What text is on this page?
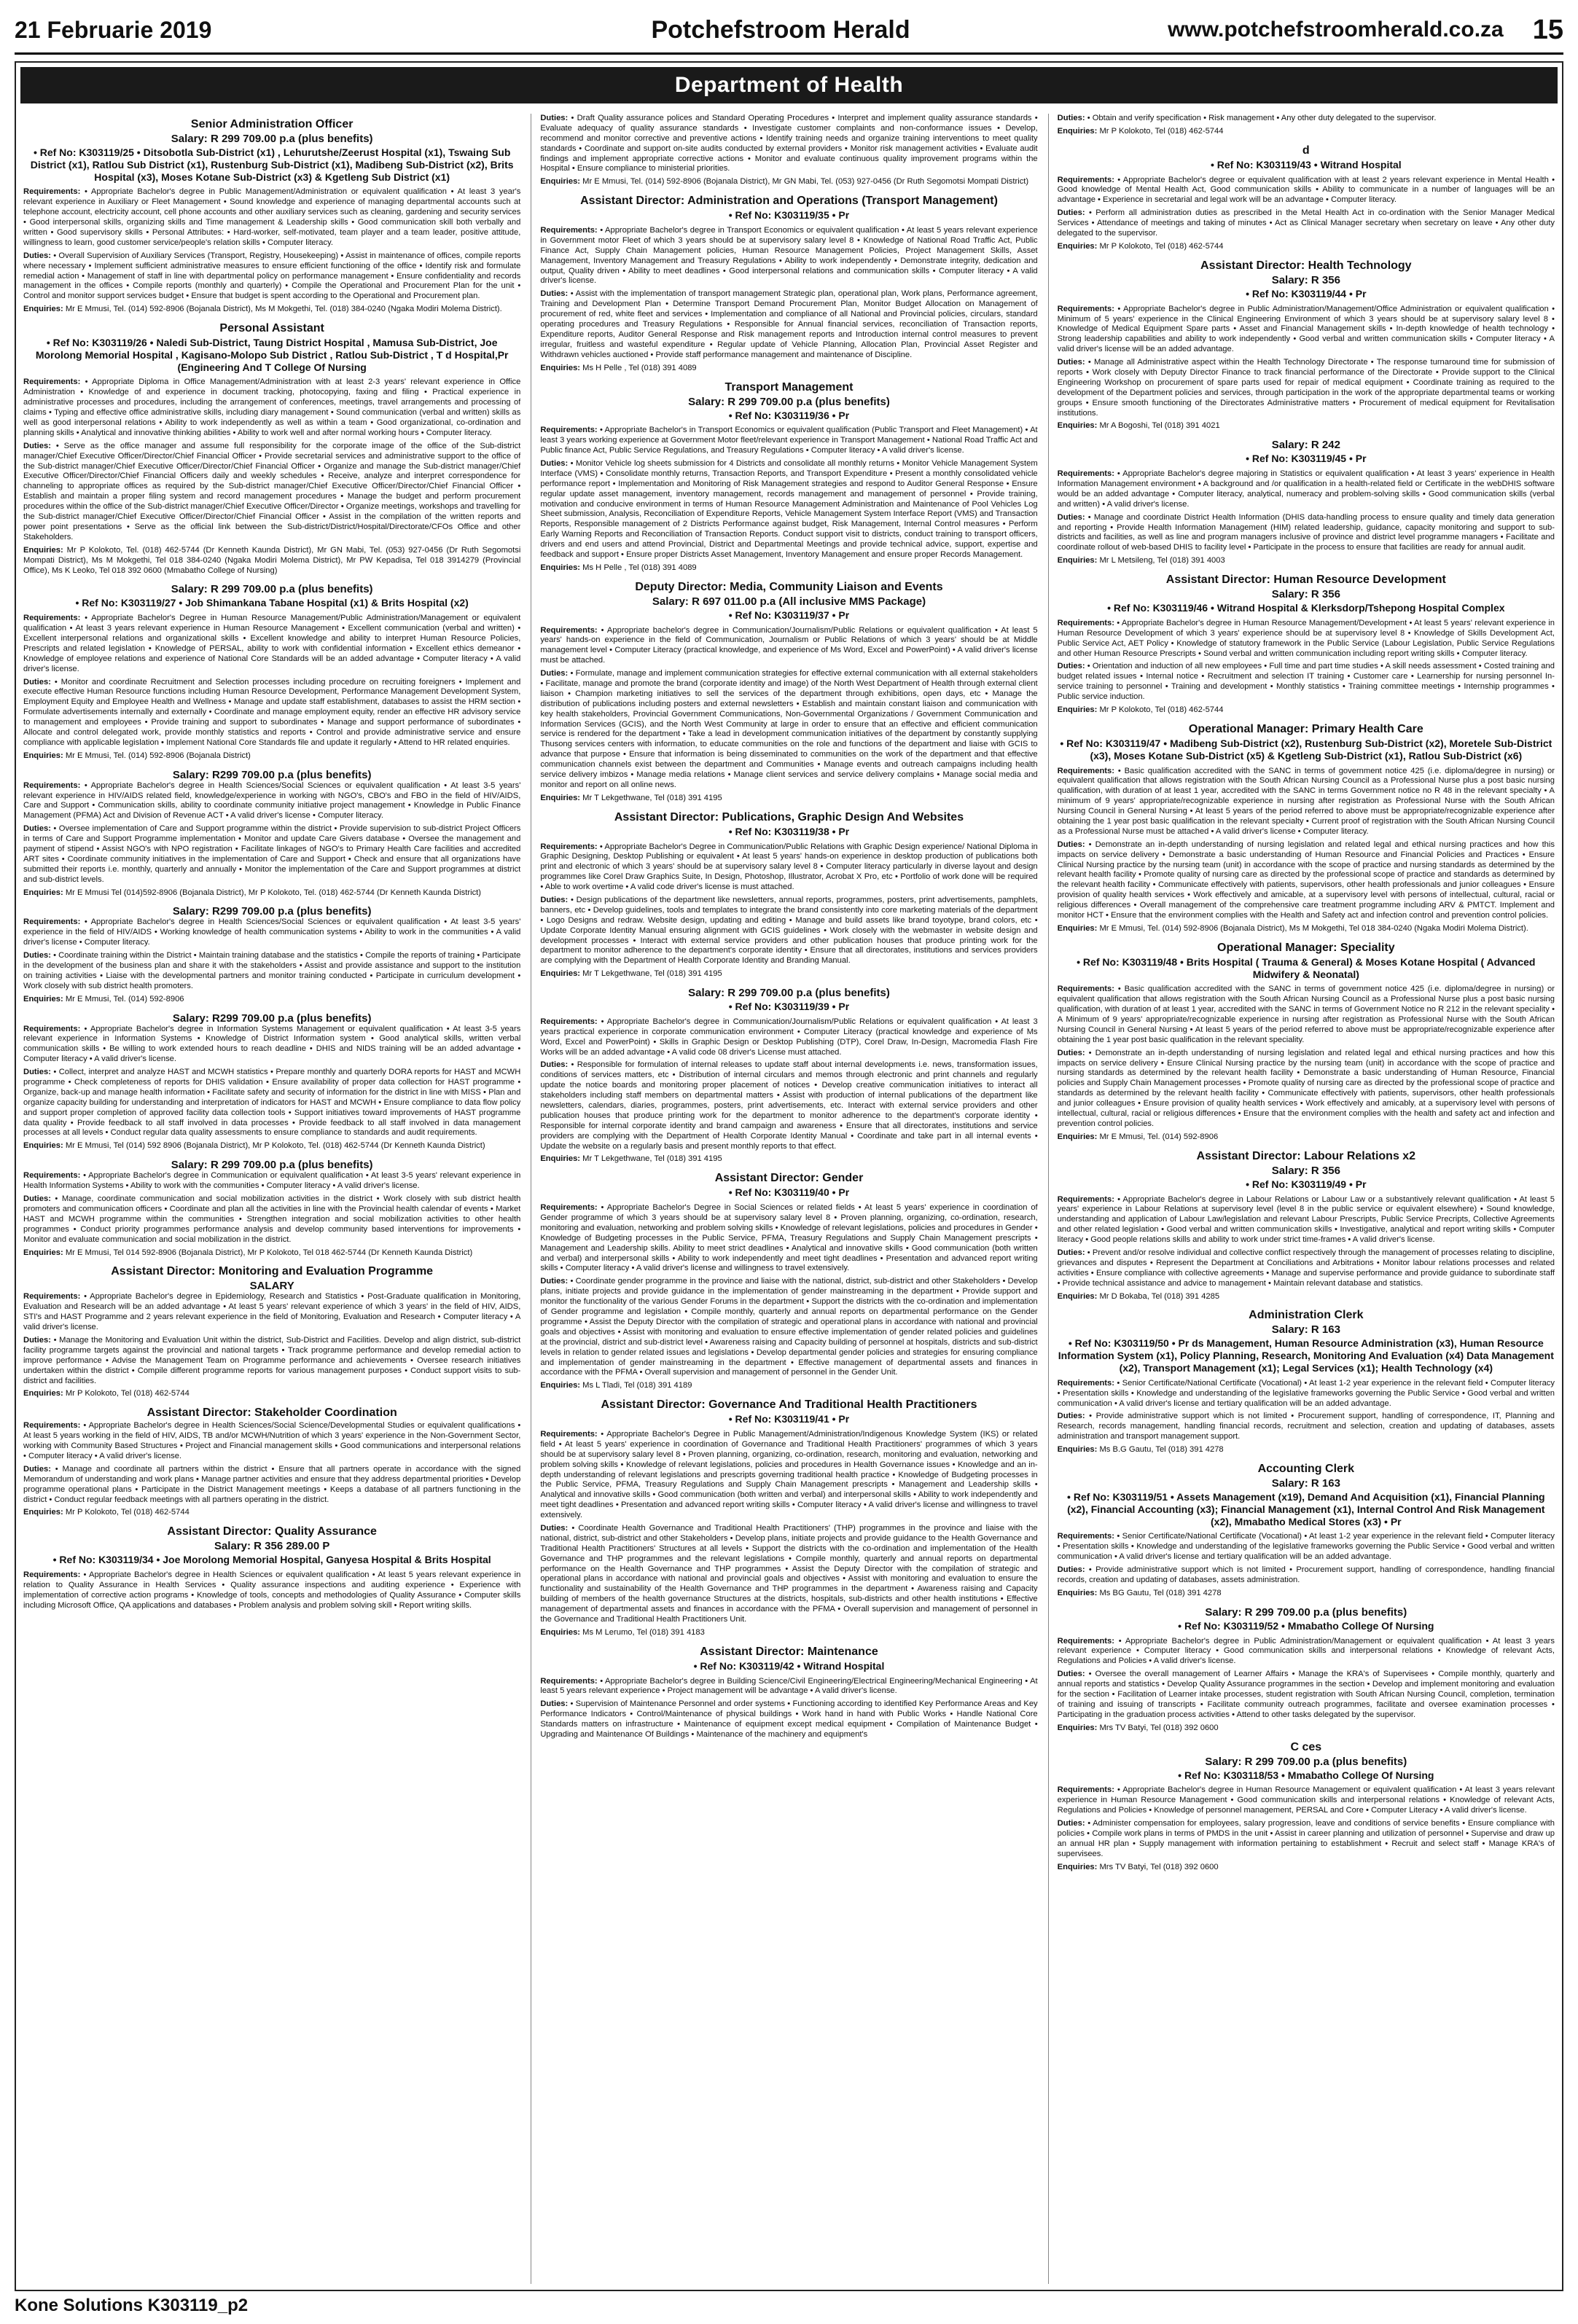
21 Februarie 2019	Potchefstroom Herald	www.potchefstroomherald.co.za 15
Department of Health
Senior Administration Officer

Salary: R 299 709.00 p.a (plus benefits)

• Ref No: K303119/25 • Ditsobotla Sub-District (x1) , Lehurutshe/Zeerust Hospital (x1), Tswaing Sub District (x1), Ratlou Sub District (x1), Rustenburg Sub-District (x1), Madibeng Sub-District (x2), Brits Hospital (x3), Moses Kotane Sub-District (x3) & Kgetleng Sub District (x1)

Requirements: • Appropriate Bachelor's degree in Public Management/Administration or equivalent qualification • At least 3 year's relevant experience in Auxiliary or Fleet Management • Sound knowledge and experience of managing departmental accounts such at telephone account, electricity account, cell phone accounts and other auxiliary services such as cleaning, gardening and security services • Good interpersonal skills, organizing skills and Time management & Leadership skills • Good communication skill both verbally and written • Good supervisory skills • Personal Attributes: • Hard-worker, self-motivated, team player and a team leader, positive attitude, willingness to learn, good customer service/people's relation skills • Computer literacy.

Duties: • Overall Supervision of Auxiliary Services (Transport, Registry, Housekeeping) • Assist in maintenance of offices, compile reports where necessary • Implement sufficient administrative measures to ensure efficient functioning of the office • Identify risk and formulate remedial action • Management of staff in line with departmental policy on performance management • Ensure confidentiality and records management in the offices • Compile reports (monthly and quarterly) • Compile the Operational and Procurement Plan for the unit • Control and monitor support services budget • Ensure that budget is spent according to the Operational and Procurement plan.

Enquiries: Mr E Mmusi, Tel. (014) 592-8906 (Bojanala District), Ms M Mokgethi, Tel. (018) 384-0240 (Ngaka Modiri Molema District).

Personal Assistant

• Ref No: K303119/26 • Naledi Sub-District, Taung District Hospital , Mamusa Sub-District, Joe Morolong Memorial Hospital , Kagisano-Molopo Sub District , Ratlou Sub-District , T d Hospital,Pr (Engineering And T College Of Nursing

Requirements: • Appropriate Diploma in Office Management/Administration with at least 2-3 years' relevant experience in Office Administration • Knowledge of and experience in document tracking, photocopying, faxing and filing • Practical experience in administrative processes and procedures, including the arrangement of conferences, meetings, travel arrangements and processing of claims • Typing and effective office administrative skills, including diary management • Sound communication (verbal and written) skills as well as good interpersonal relations • Ability to work independently as well as within a team • Good organizational, co-ordination and planning skills • Analytical and innovative thinking abilities • Ability to work well and after normal working hours • Computer literacy.

Duties: • Serve as the office manager and assume full responsibility for the corporate image of the office of the Sub-district manager/Chief Executive Officer/Director/Chief Financial Officer • Provide secretarial services and administrative support to the office of the Sub-district manager/Chief Executive Officer/Director/Chief Financial Officer • Organize and manage the Sub-district manager/Chief Executive Officer/Director/Chief Financial Officers daily and weekly schedules • Receive, analyze and interpret correspondence for channeling to appropriate offices as required by the Sub-district manager/Chief Executive Officer/Director/Chief Financial Officer • Establish and maintain a proper filing system and record management procedures • Manage the budget and perform procurement procedures within the office of the Sub-district manager/Chief Executive Officer/Director • Organize meetings, workshops and travelling for the Sub-district manager/Chief Executive Officer/Director/Chief Financial Officer • Assist in the compilation of the written reports and power point presentations • Serve as the official link between the Sub-district/District/Hospital/Directorate/CFOs Office and other Stakeholders.

Enquiries: Mr P Kolokoto, Tel. (018) 462-5744 (Dr Kenneth Kaunda District), Mr GN Mabi, Tel. (053) 927-0456 (Dr Ruth Segomotsi Mompati District), Ms M Mokgethi, Tel 018 384-0240 (Ngaka Modiri Molema District), Mr PW Kepadisa, Tel 018 3914279 (Provincial Office), Ms K Leoko, Tel 018 392 0600 (Mmabatho College of Nursing)

Salary: R 299 709.00 p.a (plus benefits)

• Ref No: K303119/27 • Job Shimankana Tabane Hospital (x1) & Brits Hospital (x2)

Requirements: • Appropriate Bachelor's Degree in Human Resource Management/Public Administration/Management or equivalent qualification • At least 3 years relevant experience in Human Resource Management • Excellent communication (verbal and written) • Excellent interpersonal relations and organizational skills • Excellent knowledge and ability to interpret Human Resource Policies, Prescripts and related legislation • Knowledge of PERSAL, ability to work with confidential information • Excellent ethics demeanor • Knowledge of employee relations and experience of National Core Standards will be an added advantage • Computer literacy • A valid driver's license.

Duties: • Monitor and coordinate Recruitment and Selection processes including procedure on recruiting foreigners • Implement and execute effective Human Resource functions including Human Resource Development, Performance Management Development System, Employment Equity and Employee Health and Wellness • Manage and update staff establishment, databases to assist the HRM section • Formulate advertisements internally and externally • Coordinate and manage employment equity, render an effective HR advisory service to management and employees • Provide training and support to subordinates • Manage and support performance of subordinates • Allocate and control delegated work, provide monthly statistics and reports • Control and provide administrative service and ensure compliance with applicable legislation • Implement National Core Standards file and update it regularly • Attend to HR related enquiries.

Enquiries: Mr E Mmusi, Tel. (014) 592-8906 (Bojanala District)

Salary: R299 709.00 p.a (plus benefits)

Requirements: • Appropriate Bachelor's degree in Health Sciences/Social Sciences or equivalent qualification • At least 3-5 years' relevant experience in HIV/AIDS related field, knowledge/experience in working with NGO's, CBO's and FBO in the field of HIV/AIDS, Care and Support • Communication skills, ability to coordinate community initiative project management • Knowledge in Public Finance Management (PFMA) Act and Division of Revenue ACT • A valid driver's license • Computer literacy.

Duties: • Oversee implementation of Care and Support programme within the district • Provide supervision to sub-district Project Officers in terms of Care and Support Programme implementation • Monitor and update Care Givers database • Oversee the management and payment of stipend • Assist NGO's with NPO registration • Facilitate linkages of NGO's to Primary Health Care facilities and accredited ART sites • Coordinate community initiatives in the implementation of Care and Support • Check and ensure that all organizations have submitted their reports i.e. monthly, quarterly and annually • Monitor the implementation of the Care and Support programmes at district and sub-district levels.

Enquiries: Mr E Mmusi Tel (014)592-8906 (Bojanala District), Mr P Kolokoto, Tel. (018) 462-5744 (Dr Kenneth Kaunda District)

Salary: R299 709.00 p.a (plus benefits)

Requirements: • Appropriate Bachelor's degree in Health Sciences/Social Sciences or equivalent qualification • At least 3-5 years' experience in the field of HIV/AIDS • Working knowledge of health communication systems • Ability to work in the communities • A valid driver's license • Computer literacy.

Duties: • Coordinate training within the District • Maintain training database and the statistics • Compile the reports of training • Participate in the development of the business plan and share it with the stakeholders • Assist and provide assistance and support to the institution on training activities • Liaise with the developmental partners and monitor training conducted • Participate in curriculum development • Work closely with sub district health promoters.

Enquiries: Mr E Mmusi, Tel. (014) 592-8906

Salary: R299 709.00 p.a (plus benefits)

Requirements: • Appropriate Bachelor's degree in Information Systems Management or equivalent qualification • At least 3-5 years relevant experience in Information Systems • Knowledge of District Information system • Good analytical skills, written verbal communication skills • Be willing to work extended hours to reach deadline • DHIS and NIDS training will be an added advantage • Computer literacy • A valid driver's license.

Duties: • Collect, interpret and analyze HAST and MCWH statistics • Prepare monthly and quarterly DORA reports for HAST and MCWH programme • Check completeness of reports for DHIS validation • Ensure availability of proper data collection for HAST programme • Organize, back-up and manage health information • Facilitate safety and security of information for the district in line with MISS • Plan and organize capacity building for understanding and interpretation of indicators for HAST and MCWH • Ensure compliance to data flow policy and support proper completion of approved facility data collection tools • Support initiatives toward improvements of HAST programme data quality • Provide feedback to all staff involved in data processes • Provide feedback to all staff involved in data management processes at all levels • Conduct regular data quality assessments to ensure compliance to standards and audit requirements.

Enquiries: Mr E Mmusi, Tel (014) 592 8906 (Bojanala District), Mr P Kolokoto, Tel. (018) 462-5744 (Dr Kenneth Kaunda District)

Salary: R 299 709.00 p.a (plus benefits)

Requirements: • Appropriate Bachelor's degree in Communication or equivalent qualification • At least 3-5 years' relevant experience in Health Information Systems • Ability to work with the communities • Computer literacy • A valid driver's license.

Duties: • Manage, coordinate communication and social mobilization activities in the district • Work closely with sub district health promoters and communication officers • Coordinate and plan all the activities in line with the Provincial health calendar of events • Market HAST and MCWH programme within the communities • Strengthen integration and social mobilization activities to other health programmes • Conduct priority programmes performance analysis and develop community based interventions for improvements • Monitor and evaluate communication and social mobilization in the district.

Enquiries: Mr E Mmusi, Tel 014 592-8906 (Bojanala District), Mr P Kolokoto, Tel 018 462-5744 (Dr Kenneth Kaunda District)

Assistant Director: Monitoring and Evaluation Programme

SALARY

Requirements: • Appropriate Bachelor's degree in Epidemiology, Research and Statistics • Post-Graduate qualification in Monitoring, Evaluation and Research will be an added advantage • At least 5 years' relevant experience of which 3 years' in the field of HIV, AIDS, STI's and HAST Programme and 2 years relevant experience in the field of Monitoring, Evaluation and Research • Computer literacy • A valid driver's license.

Duties: • Manage the Monitoring and Evaluation Unit within the district, Sub-District and Facilities. Develop and align district, sub-district facility programme targets against the provincial and national targets • Track programme performance and develop remedial action to improve performance • Advise the Management Team on Programme performance and achievements • Oversee research initiatives undertaken within the district • Compile different programme reports for various management purposes • Conduct support visits to sub-district and facilities.

Enquiries: Mr P Kolokoto, Tel (018) 462-5744

Assistant Director: Stakeholder Coordination

Requirements: • Appropriate Bachelor's degree in Health Sciences/Social Science/Developmental Studies or equivalent qualifications • At least 5 years working in the field of HIV, AIDS, TB and/or MCWH/Nutrition of which 3 years' experience in the Non-Government Sector, working with Community Based Structures • Project and Financial management skills • Good communications and interpersonal relations • Computer literacy • A valid driver's license.

Duties: • Manage and coordinate all partners within the district • Ensure that all partners operate in accordance with the signed Memorandum of understanding and work plans • Manage partner activities and ensure that they address departmental priorities • Develop programme operational plans • Participate in the District Management meetings • Keeps a database of all partners functioning in the district • Conduct regular feedback meetings with all partners operating in the district.

Enquiries: Mr P Kolokoto, Tel (018) 462-5744

Assistant Director: Quality Assurance

Salary: R 356 289.00 P

• Ref No: K303119/34 • Joe Morolong Memorial Hospital, Ganyesa Hospital & Brits Hospital

Requirements: • Appropriate Bachelor's degree in Health Sciences or equivalent qualification • At least 5 years relevant experience in relation to Quality Assurance in Health Services • Quality assurance inspections and auditing experience • Experience with implementation of corrective action programs • Knowledge of tools, concepts and methodologies of Quality Assurance • Computer skills including Microsoft Office, QA applications and databases • Problem analysis and problem solving skill • Report writing skills.

Duties: • Draft Quality assurance polices and Standard Operating Procedures • Interpret and implement quality assurance standards • Evaluate adequacy of quality assurance standards • Investigate customer complaints and non-conformance issues • Develop, recommend and monitor corrective and preventive actions • Identify training needs and organize training interventions to meet quality standards • Coordinate and support on-site audits conducted by external providers • Monitor risk management activities • Evaluate audit findings and implement appropriate corrective actions • Monitor and evaluate continuous quality improvement programs within the Hospital • Ensure compliance to ministerial priorities.

Enquiries: Mr E Mmusi, Tel. (014) 592-8906 (Bojanala District), Mr GN Mabi, Tel. (053) 927-0456 (Dr Ruth Segomotsi Mompati District)

Assistant Director: Administration and Operations (Transport Management)

• Ref No: K303119/35 • Pr

Requirements: • Appropriate Bachelor's degree in Transport Economics or equivalent qualification • At least 5 years relevant experience in Government motor Fleet of which 3 years should be at supervisory salary level 8 • Knowledge of National Road Traffic Act, Public Finance Act, Supply Chain Management policies, Human Resource Management Policies, Project Management Skills, Asset Management, Inventory Management and Treasury Regulations • Ability to work independently • Demonstrate integrity, dedication and output, Quality driven • Ability to meet deadlines • Good interpersonal relations and communication skills • Computer literacy • A valid driver's license.

Duties: • Assist with the implementation of transport management Strategic plan, operational plan, Work plans, Performance agreement, Training and Development Plan • Determine Transport Demand Procurement Plan, Monitor Budget Allocation on Management of procurement of red, white fleet and services • Implementation and compliance of all National and Provincial policies, circulars, standard operating procedures and Treasury Regulations • Responsible for Annual financial services, reconciliation of Transaction reports, Expenditure reports, Auditor General Response and Risk management reports and Introduction internal control measures to prevent irregular, fruitless and wasteful expenditure • Regular update of Vehicle Planning, Allocation Plan, Provincial Asset Register and Withdrawn vehicles auctioned • Provide staff performance management and maintenance of Discipline.

Enquiries: Ms H Pelle , Tel (018) 391 4089

Transport Management

Salary: R 299 709.00 p.a (plus benefits)

• Ref No: K303119/36 • Pr

Requirements: • Appropriate Bachelor's in Transport Economics or equivalent qualification (Public Transport and Fleet Management) • At least 3 years working experience at Government Motor fleet/relevant experience in Transport Management • National Road Traffic Act and Public finance Act, Public Service Regulations, and Treasury Regulations • Computer literacy • A valid driver's license.

Duties: • Monitor Vehicle log sheets submission for 4 Districts and consolidate all monthly returns • Monitor Vehicle Management System Interface (VMS) • Consolidate monthly returns, Transaction Reports, and Transport Expenditure • Present a monthly consolidated vehicle performance report • Implementation and Monitoring of Risk Management strategies and respond to Auditor General Response • Ensure regular update asset management, inventory management, records management and management of personnel • Provide training, motivation and conducive environment in terms of Human Resource Management Administration and Maintenance of Pool Vehicles Log Sheet submission, Analysis, Reconciliation of Expenditure Reports, Vehicle Management System Interface Report (VMS) and Transaction Reports, Responsible management of 2 Districts Performance against budget, Risk Management, Internal Control measures • Perform Early Warning Reports and Reconciliation of Transaction Reports. Conduct support visit to districts, conduct training to transport officers, drivers and end users and attend Provincial, District and Departmental Meetings and provide technical advice, support, expertise and feedback and support • Ensure proper Districts Asset Management, Inventory Management and ensure proper Records Management.

Enquiries: Ms H Pelle , Tel (018) 391 4089

Deputy Director: Media, Community Liaison and Events

Salary: R 697 011.00 p.a (All inclusive MMS Package)

• Ref No: K303119/37 • Pr

Requirements: • Appropriate bachelor's degree in Communication/Journalism/Public Relations or equivalent qualification • At least 5 years' hands-on experience in the field of Communication, Journalism or Public Relations of which 3 years' should be at Middle management level • Computer Literacy (practical knowledge, and experience of Ms Word, Excel and PowerPoint) • A valid driver's license must be attached.

Duties: • Formulate, manage and implement communication strategies for effective external communication with all external stakeholders • Facilitate, manage and promote the brand (corporate identity and image) of the North West Department of Health through external client liaison • Champion marketing initiatives to sell the services of the department through exhibitions, open days, etc • Manage the distribution of publications including posters and external newsletters • Establish and maintain constant liaison and communication with key health stakeholders, Provincial Government Communications, Non-Governmental Organizations / Government Communication and Information Services (GCIS), and the North West Community at large in order to ensure that an effective and efficient communication service is rendered for the department • Take a lead in development communication initiatives of the department by constantly supplying Thusong services centers with information, to educate communities on the role and functions of the department and liaise with GCIS to advance that purpose • Ensure that information is being disseminated to communities on the work of the department and that effective communication channels exist between the department and Communities • Manage events and outreach campaigns including health service delivery imbizos • Manage media relations • Manage client services and service delivery complains • Manage social media and monitor and report on all online news.

Enquiries: Mr T Lekgethwane, Tel (018) 391 4195

Assistant Director: Publications, Graphic Design And Websites

• Ref No: K303119/38 • Pr

Requirements: • Appropriate Bachelor's Degree in Communication/Public Relations with Graphic Design experience/ National Diploma in Graphic Designing, Desktop Publishing or equivalent • At least 5 years' hands-on experience in desktop production of publications both print and electronic of which 3 years' should be at supervisory salary level 8 • Computer literacy particularly in diverse layout and design programmes like Corel Draw Graphics Suite, In Design, Photoshop, Illustrator, Acrobat X Pro, etc • Portfolio of work done will be required • Able to work overtime • A valid code driver's license is must attached.

Duties: • Design publications of the department like newsletters, annual reports, programmes, posters, print advertisements, pamphlets, banners, etc • Develop guidelines, tools and templates to integrate the brand consistently into core marketing materials of the department • Logo Designs and redraw. Website design, updating and editing • Manage and build assets like brand toyotype, brand colors, etc • Update Corporate Identity Manual ensuring alignment with GCIS guidelines • Work closely with the webmaster in website design and development processes • Interact with external service providers and other publication houses that produce printing work for the department to monitor adherence to the department's corporate identity • Ensure that all directorates, institutions and services providers are complying with the Department of Health Corporate Identity and Branding Manual.

Enquiries: Mr T Lekgethwane, Tel (018) 391 4195

Salary: R 299 709.00 p.a (plus benefits)

• Ref No: K303119/39 • Pr

Requirements: • Appropriate Bachelor's degree in Communication/Journalism/Public Relations or equivalent qualification • At least 3 years practical experience in corporate communication environment • Computer Literacy (practical knowledge and experience of Ms Word, Excel and PowerPoint) • Skills in Graphic Design or Desktop Publishing (DTP), Corel Draw, In-Design, Macromedia Flash Fire Works will be an added advantage • A valid code 08 driver's License must attached.

Duties: • Responsible for formulation of internal releases to update staff about internal developments i.e. news, transformation issues, conditions of services matters, etc • Distribution of internal circulars and memos through electronic and print channels and regularly update the notice boards and monitoring proper placement of notices • Develop creative communication initiatives to interact all stakeholders including staff members on departmental matters • Assist with production of internal publications of the department like newsletters, calendars, diaries, programmes, posters, print advertisements, etc. Interact with external service providers and other publication houses that produce printing work for the department to monitor adherence to the department's corporate identity • Responsible for internal corporate identity and brand campaign and awareness • Ensure that all directorates, institutions and service providers are complying with the Department of Health Corporate Identity Manual • Coordinate and take part in all internal events • Update the website on a regularly basis and present monthly reports to that effect.

Enquiries: Mr T Lekgethwane, Tel (018) 391 4195

Assistant Director: Gender

• Ref No: K303119/40 • Pr

Requirements: • Appropriate Bachelor's Degree in Social Sciences or related fields • At least 5 years' experience in coordination of Gender programme of which 3 years should be at supervisory salary level 8 • Proven planning, organizing, co-ordination, research, monitoring and evaluation, networking and problem solving skills • Knowledge of relevant legislations, policies and procedures in Gender • Knowledge of Budgeting processes in the Public Service, PFMA, Treasury Regulations and Supply Chain Management prescripts • Management and Leadership skills. Ability to meet strict deadlines • Analytical and innovative skills • Good communication (both written and verbal) and interpersonal skills • Ability to work independently and meet tight deadlines • Presentation and advanced report writing skills • Computer literacy • A valid driver's license and willingness to travel extensively.

Duties: • Coordinate gender programme in the province and liaise with the national, district, sub-district and other Stakeholders • Develop plans, initiate projects and provide guidance in the implementation of gender mainstreaming in the department • Provide support and monitor the functionality of the various Gender Forums in the department • Support the districts with the co-ordination and implementation of Gender programme and legislation • Compile monthly, quarterly and annual reports on departmental performance on the Gender programme • Assist the Deputy Director with the compilation of strategic and operational plans in accordance with national and provincial goals and objectives • Assist with monitoring and evaluation to ensure effective implementation of gender related policies and guidelines at the provincial, district and sub-district level • Awareness raising and Capacity building of personnel at hospitals, districts and sub-district levels in relation to gender related issues and legislations • Develop departmental gender policies and strategies for ensuring compliance and implementation of gender mainstreaming in the department • Effective management of departmental assets and finances in accordance with the PFMA • Overall supervision and management of personnel in the Gender Unit.

Enquiries: Ms L Tladi, Tel (018) 391 4189

Assistant Director: Governance And Traditional Health Practitioners

• Ref No: K303119/41 • Pr

Requirements: • Appropriate Bachelor's Degree in Public Management/Administration/Indigenous Knowledge System (IKS) or related field • At least 5 years' experience in coordination of Governance and Traditional Health Practitioners' programmes of which 3 years should be at supervisory salary level 8 • Proven planning, organizing, co-ordination, research, monitoring and evaluation, networking and problem solving skills • Knowledge of relevant legislations, policies and procedures in Health Governance issues • Knowledge and an in-depth understanding of relevant legislations and prescripts governing traditional health practice • Knowledge of Budgeting processes in the Public Service, PFMA, Treasury Regulations and Supply Chain Management prescripts • Management and Leadership skills • Analytical and innovative skills • Good communication (both written and verbal) and interpersonal skills • Ability to work independently and meet tight deadlines • Presentation and advanced report writing skills • Computer literacy • A valid driver's license and willingness to travel extensively.

Duties: • Coordinate Health Governance and Traditional Health Practitioners' (THP) programmes in the province and liaise with the national, district, sub-district and other Stakeholders • Develop plans, initiate projects and provide guidance to the Health Governance and Traditional Health Practitioners' Structures at all levels • Support the districts with the co-ordination and implementation of the Health Governance and THP programmes and the relevant legislations • Compile monthly, quarterly and annual reports on departmental performance on the Health Governance and THP programmes • Assist the Deputy Director with the compilation of strategic and operational plans in accordance with national and provincial goals and objectives • Assist with monitoring and evaluation to ensure the functionality and sustainability of the Health Governance and THP programmes in the department • Awareness raising and Capacity building of members of the health governance Structures at the districts, hospitals, sub-districts and other health institutions • Effective management of departmental assets and finances in accordance with the PFMA • Overall supervision and management of personnel in the Governance and Traditional Health Practitioners Unit.

Enquiries: Ms M Lerumo, Tel (018) 391 4183

Assistant Director: Maintenance

• Ref No: K303119/42 • Witrand Hospital

Requirements: • Appropriate Bachelor's degree in Building Science/Civil Engineering/Electrical Engineering/Mechanical Engineering • At least 5 years relevant experience • Project management will be advantage • A valid driver's license.

Duties: • Supervision of Maintenance Personnel and order systems • Functioning according to identified Key Performance Areas and Key Performance Indicators • Control/Maintenance of physical buildings • Work hand in hand with Public Works • Handle National Core Standards matters on infrastructure • Maintenance of equipment except medical equipment • Compilation of Maintenance Budget • Upgrading and Maintenance Of Buildings • Maintenance of the machinery and equipment's

Duties: • Obtain and verify specification • Risk management • Any other duty delegated to the supervisor.

Enquiries: Mr P Kolokoto, Tel (018) 462-5744

d

• Ref No: K303119/43 • Witrand Hospital

Requirements: • Appropriate Bachelor's degree or equivalent qualification with at least 2 years relevant experience in Mental Health • Good knowledge of Mental Health Act, Good communication skills • Ability to communicate in a number of languages will be an advantage • Experience in secretarial and legal work will be an advantage • Computer literacy.

Duties: • Perform all administration duties as prescribed in the Metal Health Act in co-ordination with the Senior Manager Medical Services • Attendance of meetings and taking of minutes • Act as Clinical Manager secretary when secretary on leave • Any other duty delegated to the supervisor.

Enquiries: Mr P Kolokoto, Tel (018) 462-5744

Assistant Director: Health Technology

Salary: R 356

• Ref No: K303119/44 • Pr

Requirements: • Appropriate Bachelor's degree in Public Administration/Management/Office Administration or equivalent qualification • Minimum of 5 years' experience in the Clinical Engineering Environment of which 3 years should be at supervisory salary level 8 • Knowledge of Medical Equipment Spare parts • Asset and Financial Management skills • In-depth knowledge of health technology • Strong leadership capabilities and ability to work independently • Good verbal and written communication skills • Computer literacy • A valid driver's license will be an added advantage.

Duties: • Manage all Administrative aspect within the Health Technology Directorate • The response turnaround time for submission of reports • Work closely with Deputy Director Finance to track financial performance of the Directorate • Provide support to the Clinical Engineering Workshop on procurement of spare parts used for repair of medical equipment • Coordinate training as required to the development of the Department policies and services, through participation in the work of the appropriate departmental teams or working groups • Ensure smooth functioning of the Directorates Administrative matters • Procurement of medical equipment for Revitalisation institutions.

Enquiries: Mr A Bogoshi, Tel (018) 391 4021

Salary: R 242

• Ref No: K303119/45 • Pr

Requirements: • Appropriate Bachelor's degree majoring in Statistics or equivalent qualification • At least 3 years' experience in Health Information Management environment • A background and /or qualification in a health-related field or Certificate in the webDHIS software would be an added advantage • Computer literacy, analytical, numeracy and problem-solving skills • Good communication skills (verbal and written) • A valid driver's license.

Duties: • Manage and coordinate District Health Information (DHIS data-handling process to ensure quality and timely data generation and reporting • Provide Health Information Management (HIM) related leadership, guidance, capacity monitoring and support to sub-districts and facilities, as well as line and program managers inclusive of province and district level programme managers • Facilitate and coordinate rollout of web-based DHIS to facility level • Participate in the process to ensure that facilities are ready for annual audit.

Enquiries: Mr L Metsileng, Tel (018) 391 4003

Assistant Director: Human Resource Development

Salary: R 356

• Ref No: K303119/46 • Witrand Hospital & Klerksdorp/Tshepong Hospital Complex

Requirements: • Appropriate Bachelor's degree in Human Resource Management/Development • At least 5 years' relevant experience in Human Resource Development of which 3 years' experience should be at supervisory level 8 • Knowledge of Skills Development Act, Public Service Act, AET Policy • Knowledge of statutory framework in the Public Service (Labour Legislation, Public Service Regulations and other Human Resource Prescripts • Sound verbal and written communication including report writing skills • Computer literacy.

Duties: • Orientation and induction of all new employees • Full time and part time studies • A skill needs assessment • Costed training and budget related issues • Internal notice • Recruitment and selection IT training • Customer care • Learnership for nursing personnel In-service training to personnel • Training and development • Monthly statistics • Training committee meetings • Internship programmes • Public service induction.

Enquiries: Mr P Kolokoto, Tel (018) 462-5744

Operational Manager: Primary Health Care

• Ref No: K303119/47 • Madibeng Sub-District (x2), Rustenburg Sub-District (x2), Moretele Sub-District (x3), Moses Kotane Sub-District (x5) & Kgetleng Sub-District (x1), Ratlou Sub-District (x6)

Requirements: • Basic qualification accredited with the SANC in terms of government notice 425 (i.e. diploma/degree in nursing) or equivalent qualification that allows registration with the South African Nursing Council as a Professional Nurse plus a post basic nursing qualification, with duration of at least 1 year, accredited with the SANC in terms Government notice no R 48 in the relevant specialty • A minimum of 9 years' appropriate/recognizable experience in nursing after registration as Professional Nurse with the South African Nursing Council in General Nursing • At least 5 years of the period referred to above must be appropriate/recognizable experience after obtaining the 1 year post basic qualification in the relevant specialty • Current proof of registration with the South African Nursing Council as a Professional Nurse must be attached • A valid driver's license • Computer literacy.

Duties: • Demonstrate an in-depth understanding of nursing legislation and related legal and ethical nursing practices and how this impacts on service delivery • Demonstrate a basic understanding of Human Resource and Financial Policies and Practices • Ensure Clinical Nursing practice by the nursing team (unit) in accordance with the scope of practice and nursing standards as determined by the relevant health facility • Promote quality of nursing care as directed by the professional scope of practice and standards as determined by the relevant health facility • Communicate effectively with patients, supervisors, other health professionals and junior colleagues • Ensure provision of quality health services • Work effectively and amicable, at a supervisory level with persons of intellectual, cultural, racial or religious differences • Overall management of the comprehensive care treatment programme including ARV & PMTCT. Implement and monitor HCT • Ensure that the environment complies with the Health and Safety act and infection control and prevention control policies.

Enquiries: Mr E Mmusi, Tel. (014) 592-8906 (Bojanala District), Ms M Mokgethi, Tel 018 384-0240 (Ngaka Modiri Molema District).

Operational Manager: Speciality

• Ref No: K303119/48 • Brits Hospital ( Trauma & General) & Moses Kotane Hospital ( Advanced Midwifery & Neonatal)

Requirements: • Basic qualification accredited with the SANC in terms of government notice 425 (i.e. diploma/degree in nursing) or equivalent qualification that allows registration with the South African Nursing Council as a Professional Nurse plus a post basic nursing qualification, with duration of at least 1 year, accredited with the SANC in terms of Government Notice no R 212 in the relevant speciality • A Minimum of 9 years' appropriate/recognizable experience in nursing after registration as Professional Nurse with the South African Nursing Council in General Nursing • At least 5 years of the period referred to above must be appropriate/recognizable experience after obtaining the 1 year post basic qualification in the relevant speciality.

Duties: • Demonstrate an in-depth understanding of nursing legislation and related legal and ethical nursing practices and how this impacts on service delivery • Ensure Clinical Nursing practice by the nursing team (unit) in accordance with the scope of practice and nursing standards as determined by the relevant health facility • Demonstrate a basic understanding of Human Resource, Financial policies and Supply Chain Management processes • Promote quality of nursing care as directed by the professional scope of practice and standards as determined by the relevant health facility • Communicate effectively with patients, supervisors, other health professionals and junior colleagues • Ensure provision of quality health services • Work effectively and amicably, at a supervisory level with persons of intellectual, cultural, racial or religious differences • Ensure that the environment complies with the health and safety act and infection and prevention control policies.

Enquiries: Mr E Mmusi, Tel. (014) 592-8906

Assistant Director: Labour Relations x2

Salary: R 356

• Ref No: K303119/49 • Pr

Requirements: • Appropriate Bachelor's degree in Labour Relations or Labour Law or a substantively relevant qualification • At least 5 years' experience in Labour Relations at supervisory level (level 8 in the public service or equivalent elsewhere) • Sound knowledge, understanding and application of Labour Law/legislation and relevant Labour Prescripts, Public Service Precripts, Collective Agreements and other related legislation • Good verbal and written communication skills • Investigative, analytical and report writing skills • Computer literacy • Good people relations skills and ability to work under strict time-frames • A valid driver's license.

Duties: • Prevent and/or resolve individual and collective conflict respectively through the management of processes relating to discipline, grievances and disputes • Represent the Department at Conciliations and Arbitrations • Monitor labour relations processes and related activities • Ensure compliance with collective agreements • Manage and supervise performance and provide guidance to subordinate staff • Provide technical assistance and advice to management • Maintain relevant database and statistics.

Enquiries: Mr D Bokaba, Tel (018) 391 4285

Administration Clerk

Salary: R 163

• Ref No: K303119/50 • Pr ds Management, Human Resource Administration (x3), Human Resource Information System (x1), Policy Planning, Research, Monitoring And Evaluation (x4) Data Management (x2), Transport Management (x1); Legal Services (x1); Health Technology (x4)

Requirements: • Senior Certificate/National Certificate (Vocational) • At least 1-2 year experience in the relevant field • Computer literacy • Presentation skills • Knowledge and understanding of the legislative frameworks governing the Public Service • Good verbal and written communication • A valid driver's license and tertiary qualification will be an added advantage.

Duties: • Provide administrative support which is not limited • Procurement support, handling of correspondence, IT, Planning and Research, records management, handling financial records, recruitment and selection, creation and updating of databases, assets administration and transport management support.

Enquiries: Ms B.G Gautu, Tel (018) 391 4278

Accounting Clerk

Salary: R 163

• Ref No: K303119/51 • Assets Management (x19), Demand And Acquisition (x1), Financial Planning (x2), Financial Accounting (x3); Financial Management (x1), Internal Control And Risk Management (x2), Mmabatho Medical Stores (x3) • Pr

Requirements: • Senior Certificate/National Certificate (Vocational) • At least 1-2 year experience in the relevant field • Computer literacy • Presentation skills • Knowledge and understanding of the legislative frameworks governing the Public Service • Good verbal and written communication • A valid driver's license and tertiary qualification will be an added advantage.

Duties: • Provide administrative support which is not limited • Procurement support, handling of correspondence, handling financial records, creation and updating of databases, assets administration.

Enquiries: Ms BG Gautu, Tel (018) 391 4278

Salary: R 299 709.00 p.a (plus benefits)

• Ref No: K303119/52 • Mmabatho College Of Nursing

Requirements: • Appropriate Bachelor's degree in Public Administration/Management or equivalent qualification • At least 3 years relevant experience • Computer literacy • Good communication skills and interpersonal relations • Knowledge of relevant Acts, Regulations and Policies • A valid driver's license.

Duties: • Oversee the overall management of Learner Affairs • Manage the KRA's of Supervisees • Compile monthly, quarterly and annual reports and statistics • Develop Quality Assurance programmes in the section • Develop and implement monitoring and evaluation for the section • Facilitation of Learner intake processes, student registration with South African Nursing Council, completion, termination of training and issuing of transcripts • Facilitate community outreach programmes, facilitate and oversee examination processes • Participating in the graduation process activities • Attend to other tasks delegated by the supervisor.

Enquiries: Mrs TV Batyi, Tel (018) 392 0600

C ces

Salary: R 299 709.00 p.a (plus benefits)

• Ref No: K303118/53 • Mmabatho College Of Nursing

Requirements: • Appropriate Bachelor's degree in Human Resource Management or equivalent qualification • At least 3 years relevant experience in Human Resource Management • Good communication skills and interpersonal relations • Knowledge of relevant Acts, Regulations and Policies • Knowledge of personnel management, PERSAL and Core • Computer Literacy • A valid driver's license.

Duties: • Administer compensation for employees, salary progression, leave and conditions of service benefits • Ensure compliance with policies • Compile work plans in terms of PMDS in the unit • Assist in career planning and utilization of personnel • Supervise and draw up an annual HR plan • Supply management with information pertaining to establishment • Recruit and select staff • Manage KRA's of supervisees.

Enquiries: Mrs TV Batyi, Tel (018) 392 0600

Kone Solutions K303119_p2
